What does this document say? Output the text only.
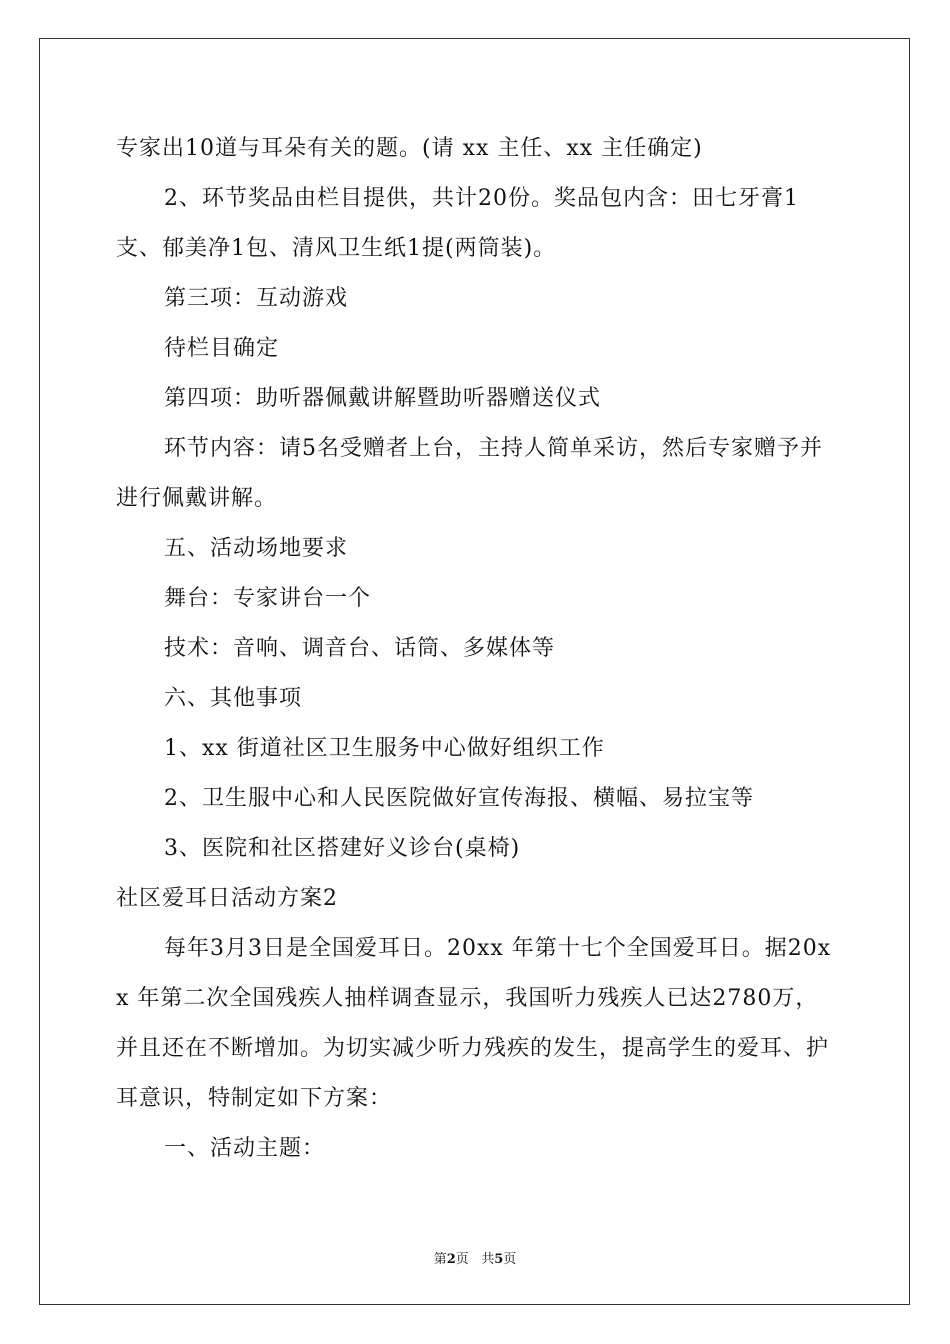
专家出10道与耳朵有关的题。(请 xx 主任、xx 主任确定)

2、环节奖品由栏目提供，共计20份。奖品包内含：田七牙膏1支、郁美净1包、清风卫生纸1提(两筒装)。

第三项：互动游戏

待栏目确定

第四项：助听器佩戴讲解暨助听器赠送仪式

环节内容：请5名受赠者上台，主持人简单采访，然后专家赠予并进行佩戴讲解。

五、活动场地要求

舞台：专家讲台一个

技术：音响、调音台、话筒、多媒体等

六、其他事项

1、xx 街道社区卫生服务中心做好组织工作

2、卫生服中心和人民医院做好宣传海报、横幅、易拉宝等

3、医院和社区搭建好义诊台(桌椅)

社区爱耳日活动方案2

每年3月3日是全国爱耳日。20xx 年第十七个全国爱耳日。据20xx 年第二次全国残疾人抽样调查显示，我国听力残疾人已达2780万，并且还在不断增加。为切实减少听力残疾的发生，提高学生的爱耳、护耳意识，特制定如下方案：

一、活动主题：

第2页   共5页
